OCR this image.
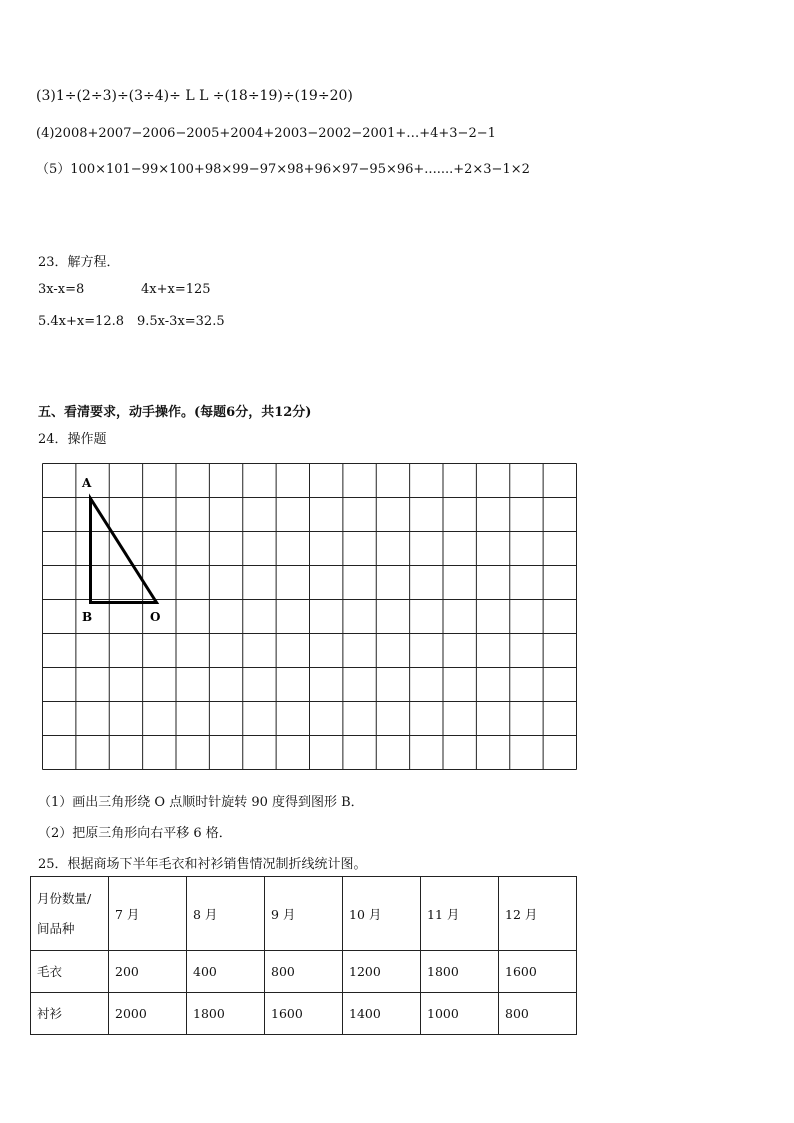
(3)1÷(2÷3)÷(3÷4)÷ L L ÷(18÷19)÷(19÷20)
(4)2008+2007−2006−2005+2004+2003−2002−2001+…+4+3−2−1
（5）100×101−99×100+98×99−97×98+96×97−95×96+.......+2×3−1×2
23．解方程．
3x-x=8	4x+x=125
5.4x+x=12.8 9.5x-3x=32.5
五、看清要求，动手操作。(每题6分，共12分)
24．操作题
A
B	O
（1）画出三角形绕 O 点顺时针旋转 90 度得到图形 B．
（2）把原三角形向右平移 6 格．
25．根据商场下半年毛衣和衬衫销售情况制折线统计图。
月份数量/
间品种	7 月	8 月	9 月	10 月	11 月	12 月
毛衣	200	400	800	1200	1800	1600
衬衫	2000	1800	1600	1400	1000	800
